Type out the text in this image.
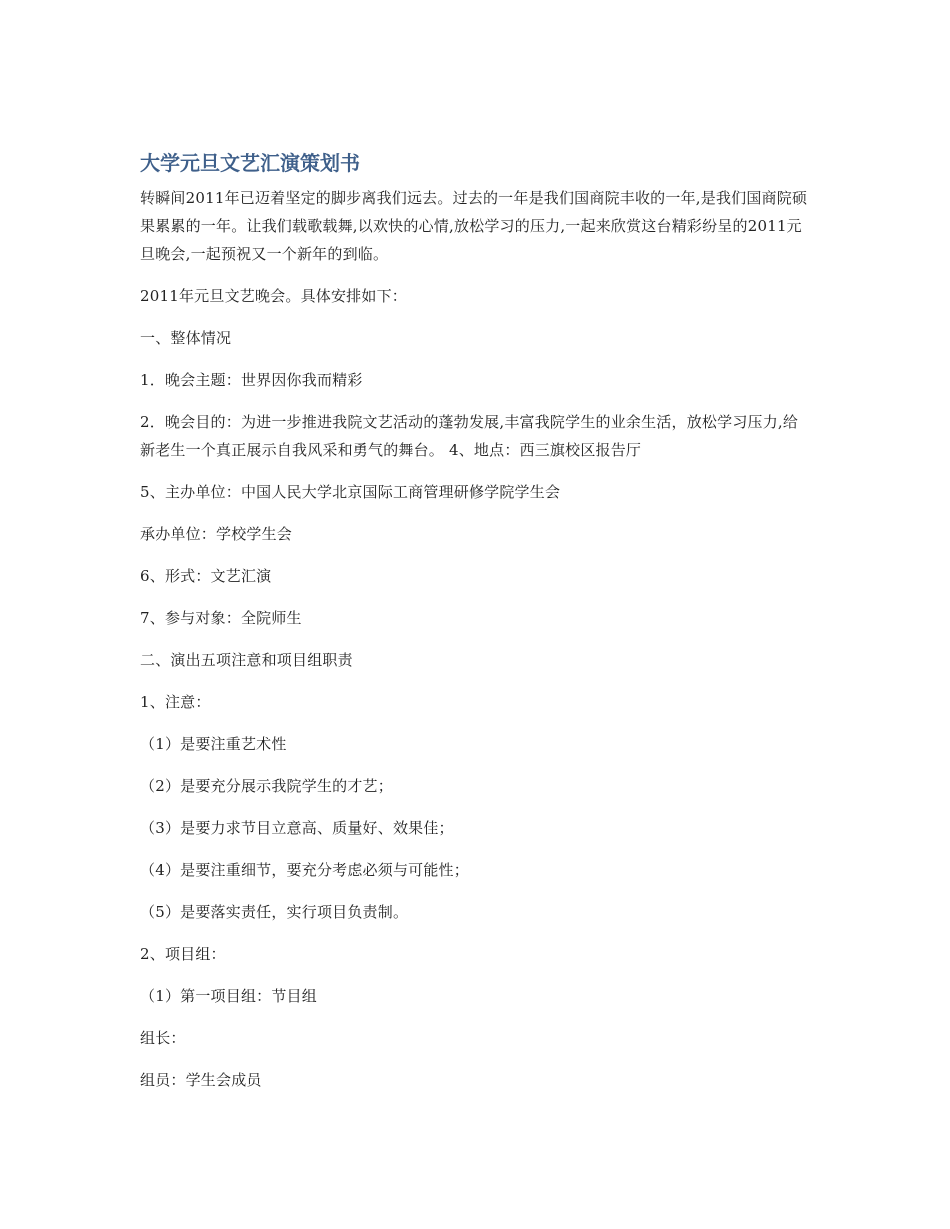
大学元旦文艺汇演策划书

转瞬间2011年已迈着坚定的脚步离我们远去。过去的一年是我们国商院丰收的一年,是我们国商院硕果累累的一年。让我们载歌载舞,以欢快的心情,放松学习的压力,一起来欣赏这台精彩纷呈的2011元旦晚会,一起预祝又一个新年的到临。

2011年元旦文艺晚会。具体安排如下：

一、整体情况

1．晚会主题：世界因你我而精彩

2．晚会目的：为进一步推进我院文艺活动的蓬勃发展,丰富我院学生的业余生活，放松学习压力,给新老生一个真正展示自我风采和勇气的舞台。 4、地点：西三旗校区报告厅

5、主办单位：中国人民大学北京国际工商管理研修学院学生会

承办单位：学校学生会

6、形式：文艺汇演

7、参与对象：全院师生

二、演出五项注意和项目组职责

1、注意：

（1）是要注重艺术性

（2）是要充分展示我院学生的才艺；

（3）是要力求节目立意高、质量好、效果佳；

（4）是要注重细节，要充分考虑必须与可能性；

（5）是要落实责任，实行项目负责制。

2、项目组：

（1）第一项目组：节目组

组长：

组员：学生会成员
